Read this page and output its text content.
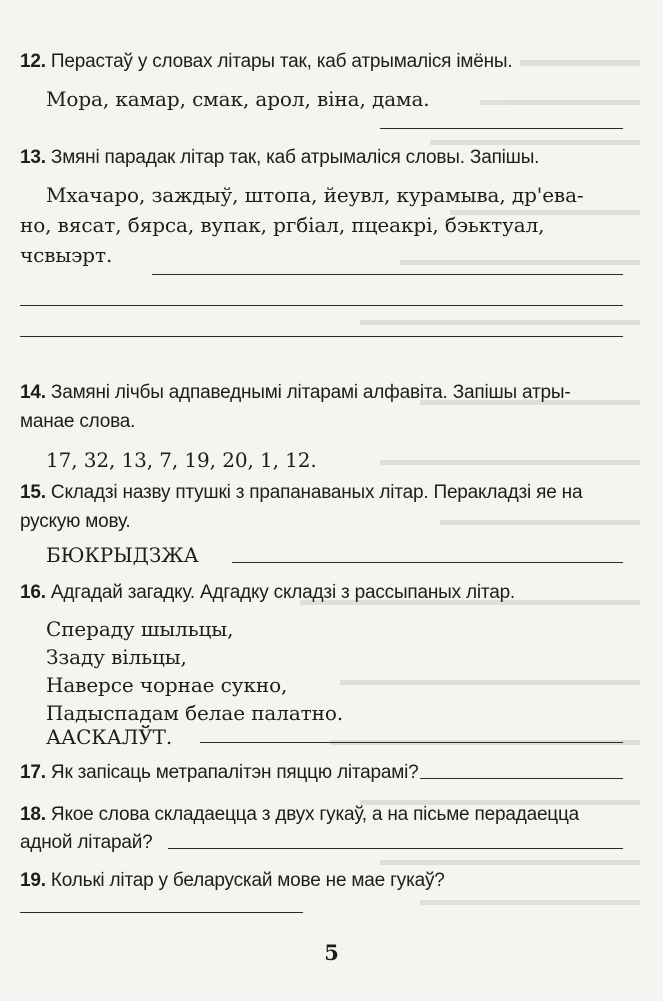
12. Перастаў у словах літары так, каб атрымаліся імёны.
Мора, камар, смак, арол, віна, дама.
13. Змяні парадак літар так, каб атрымаліся словы. Запішы.
Мхачаро, заждыў, штопа, йеувл, курамыва, др'ева-
но, вясат, бярса, вупак, ргбіал, пцеакрі, бэьктуал,
чсвыэрт.
14. Замяні лічбы адпаведнымі літарамі алфавіта. Запішы атры-
манае слова.
17, 32, 13, 7, 19, 20, 1, 12.
15. Складзі назву птушкі з прапанаваных літар. Перакладзі яе на
рускую мову.
БЮКРЫДЗЖА
16. Адгадай загадку. Адгадку складзі з рассыпаных літар.
Спераду шыльцы,
Ззаду вільцы,
Наверсе чорнае сукно,
Падыспадам белае палатно.
ААСКАЛЎТ.
17. Як запісаць метрапалітэн пяццю літарамі?
18. Якое слова складаецца з двух гукаў, а на пісьме перадаецца
адной літарай?
19. Колькі літар у беларускай мове не мае гукаў?
5
